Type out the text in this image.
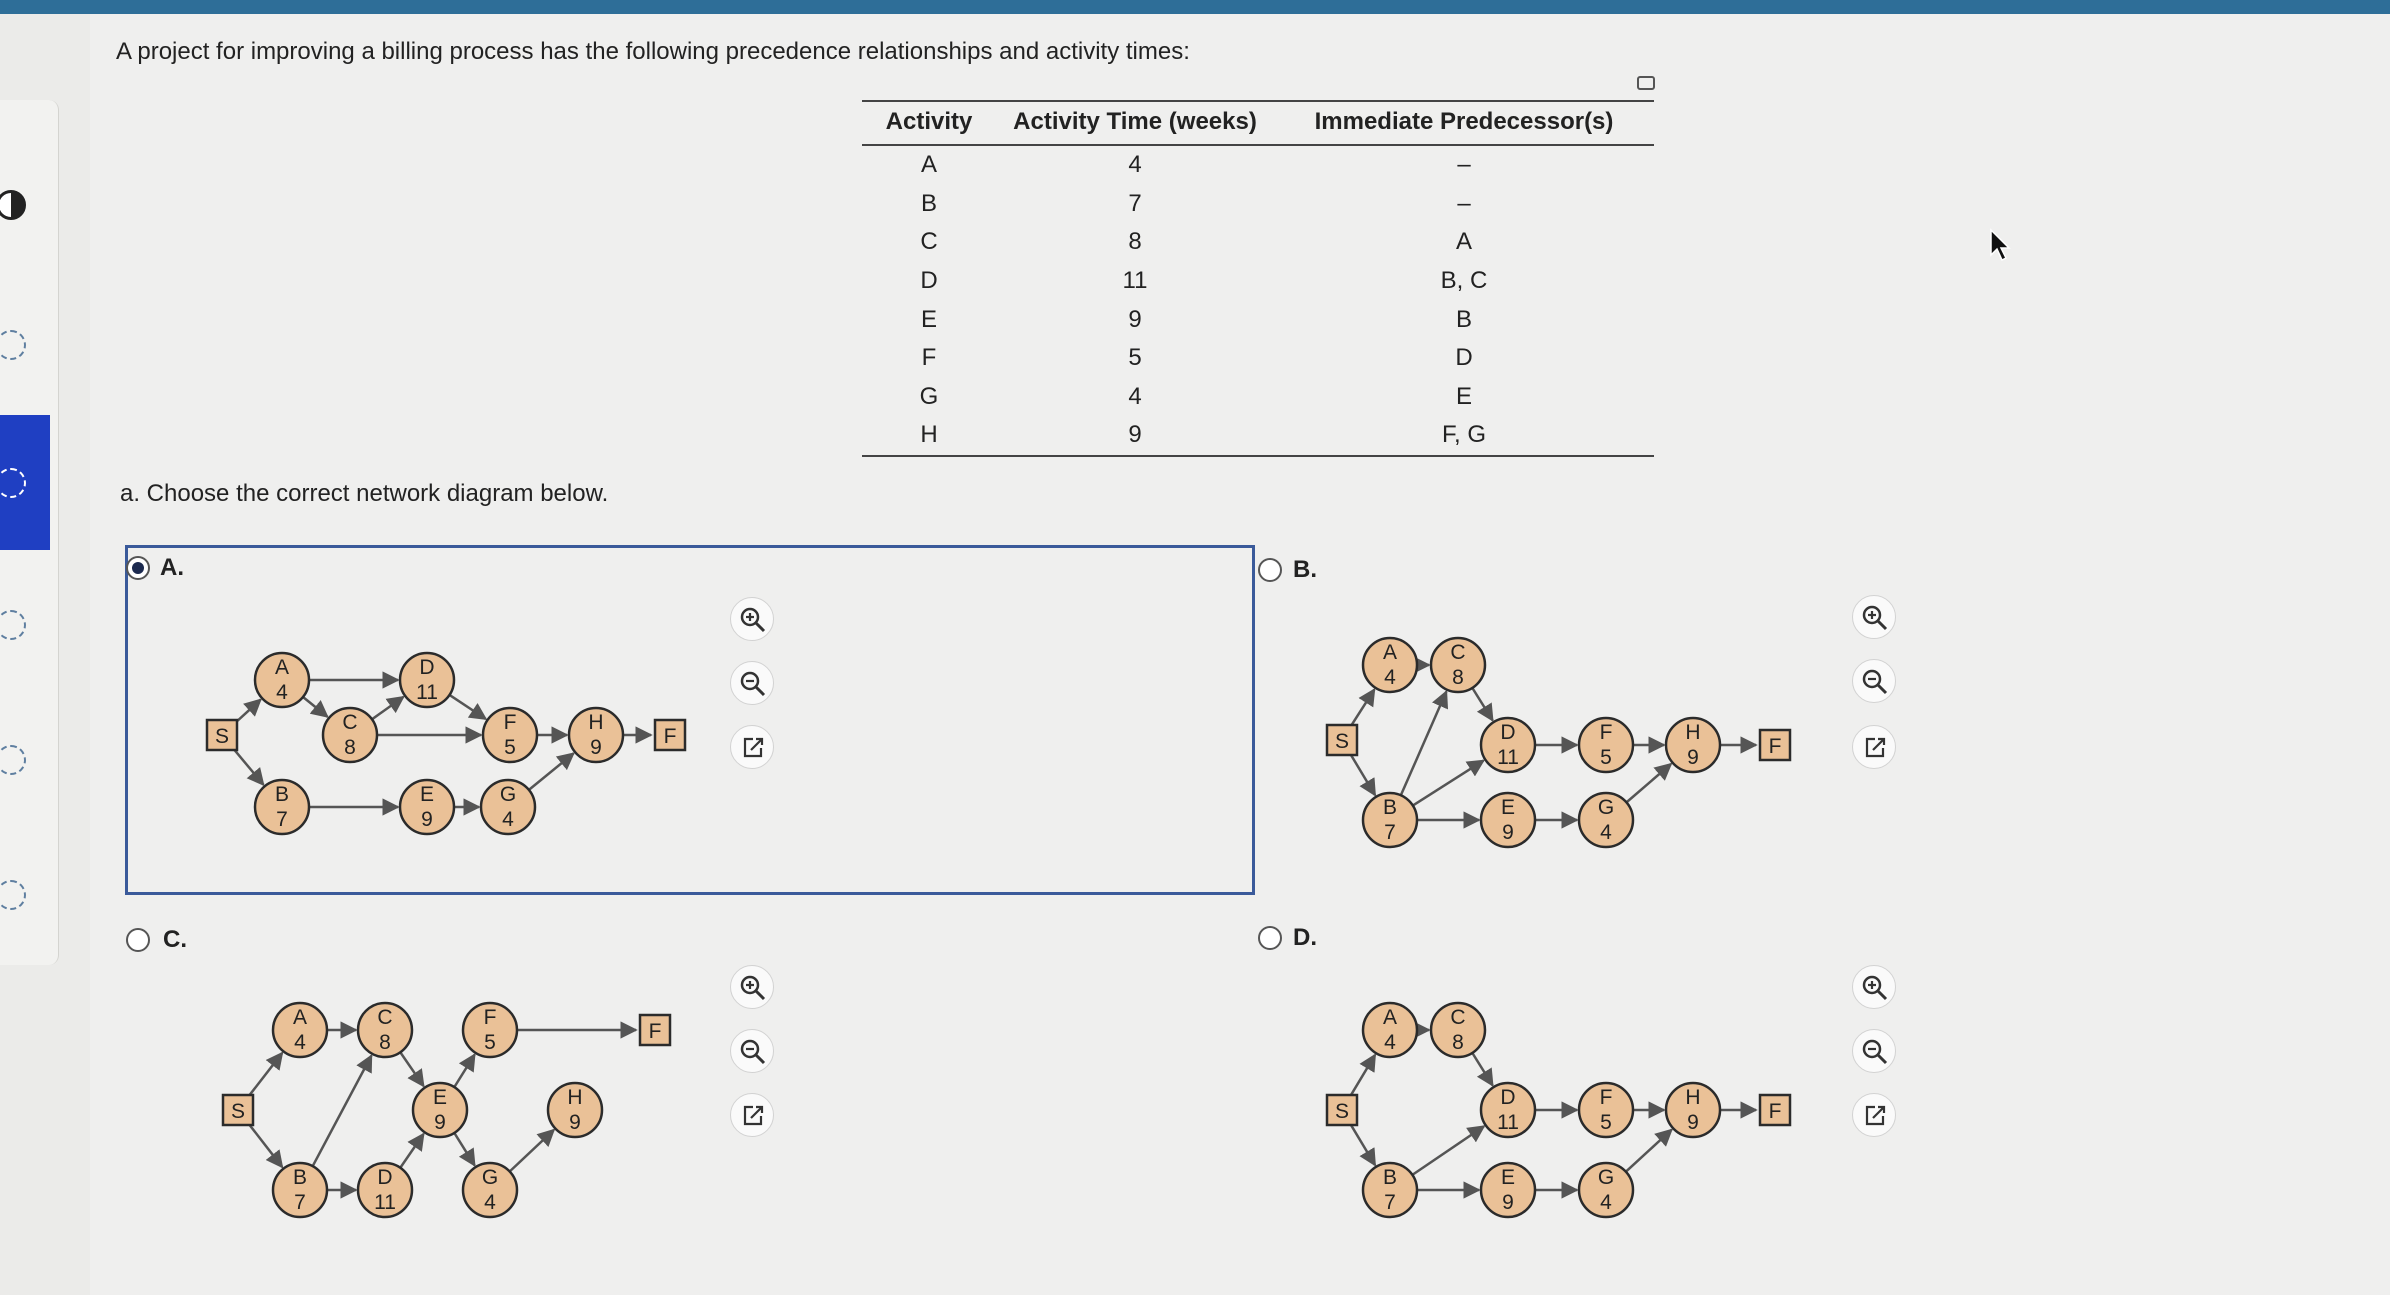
A project for improving a billing process has the following precedence relationships and activity times:
Activity	Activity Time (weeks)	Immediate Predecessor(s)
A	4	–
B	7	–
C	8	A
D	11	B, C
E	9	B
F	5	D
G	4	E
H	9	F, G
a. Choose the correct network diagram below.
A.
S	F
A
4
B
7
C
8
D
11
E
9
F
5
G
4
H
9
B.
S	F
A
4
B
7
C
8
D
11
E
9
F
5
G
4
H
9
C.
S
F
A
4
B
7
C
8
D
11
E
9
F
5
G
4
H
9
D.
S	F
A
4
B
7
C
8
D
11
E
9
F
5
G
4
H
9
